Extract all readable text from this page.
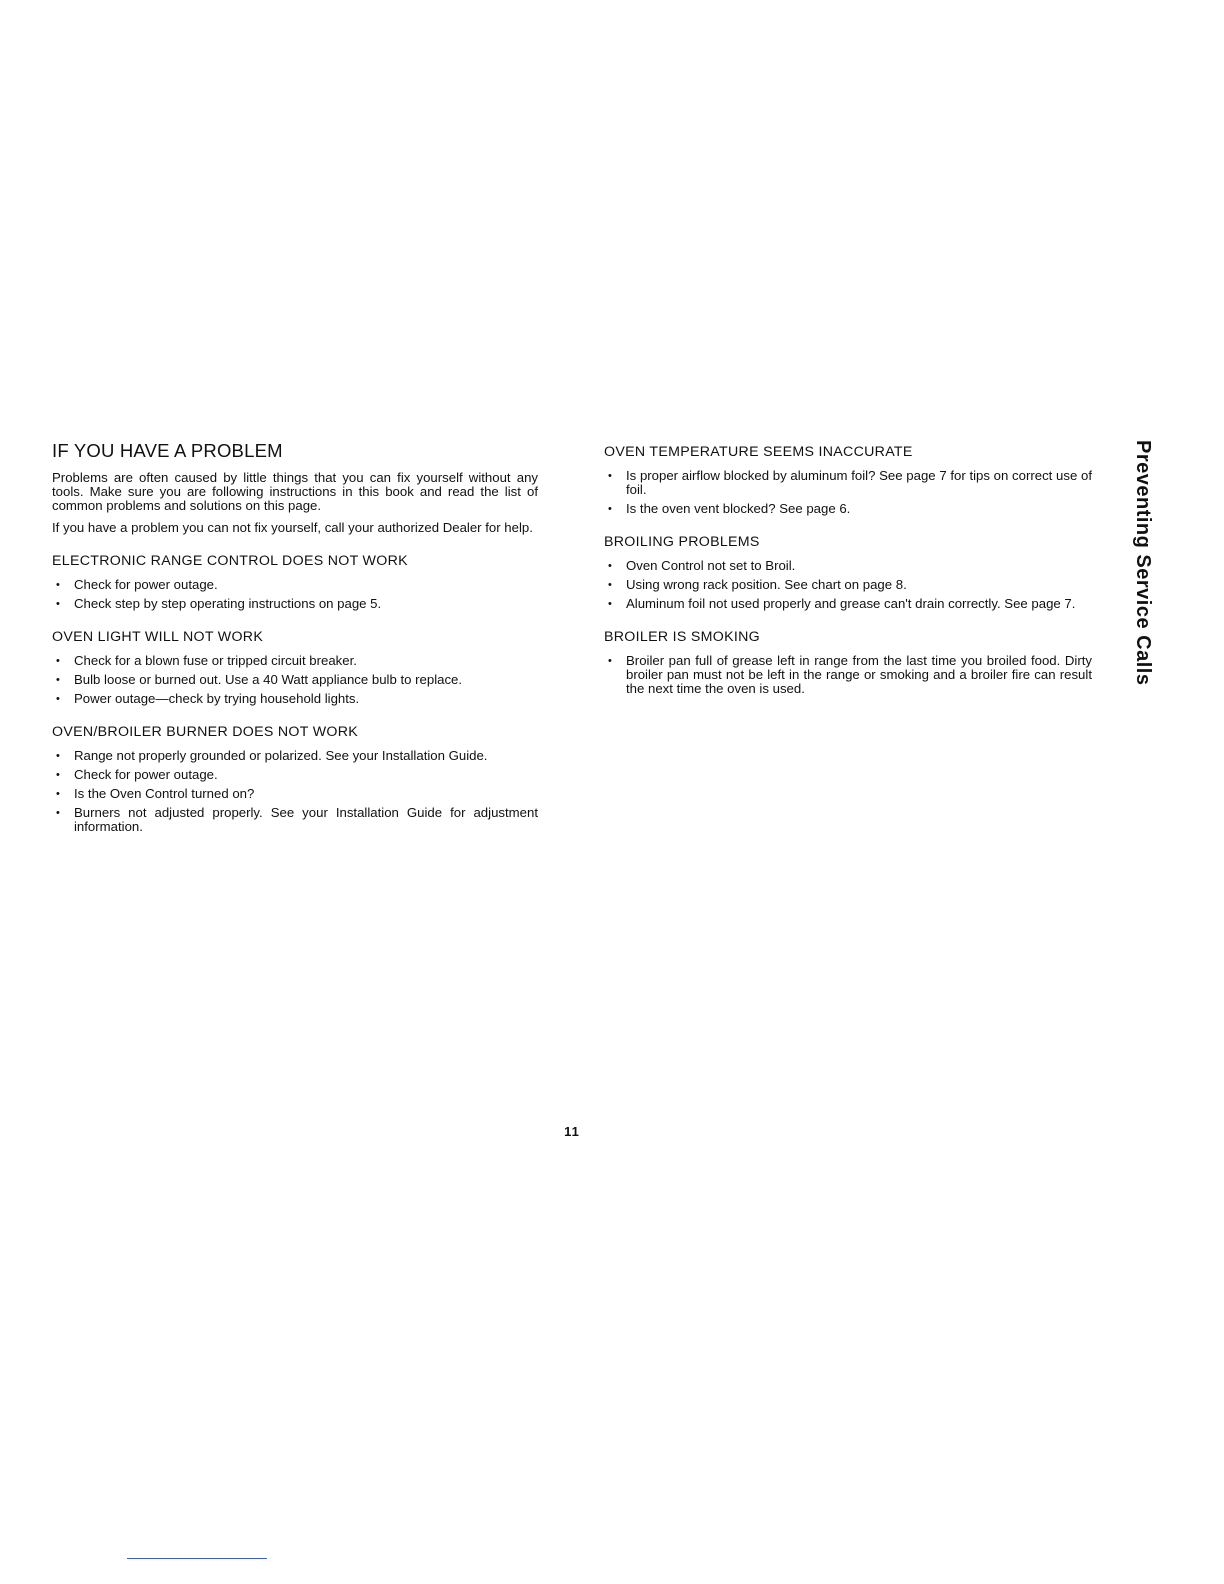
IF YOU HAVE A PROBLEM

Problems are often caused by little things that you can fix yourself without any tools. Make sure you are following instructions in this book and read the list of common problems and solutions on this page.

If you have a problem you can not fix yourself, call your authorized Dealer for help.

ELECTRONIC RANGE CONTROL DOES NOT WORK
• Check for power outage.
• Check step by step operating instructions on page 5.
OVEN LIGHT WILL NOT WORK
• Check for a blown fuse or tripped circuit breaker.
• Bulb loose or burned out. Use a 40 Watt appliance bulb to replace.
• Power outage—check by trying household lights.
OVEN/BROILER BURNER DOES NOT WORK
• Range not properly grounded or polarized. See your Installation Guide.
• Check for power outage.
• Is the Oven Control turned on?
• Burners not adjusted properly. See your Installation Guide for adjustment information.
OVEN TEMPERATURE SEEMS INACCURATE
• Is proper airflow blocked by aluminum foil? See page 7 for tips on correct use of foil.
• Is the oven vent blocked? See page 6.
BROILING PROBLEMS
• Oven Control not set to Broil.
• Using wrong rack position. See chart on page 8.
• Aluminum foil not used properly and grease can't drain correctly. See page 7.
BROILER IS SMOKING
• Broiler pan full of grease left in range from the last time you broiled food. Dirty broiler pan must not be left in the range or smoking and a broiler fire can result the next time the oven is used.
Preventing Service Calls
11
